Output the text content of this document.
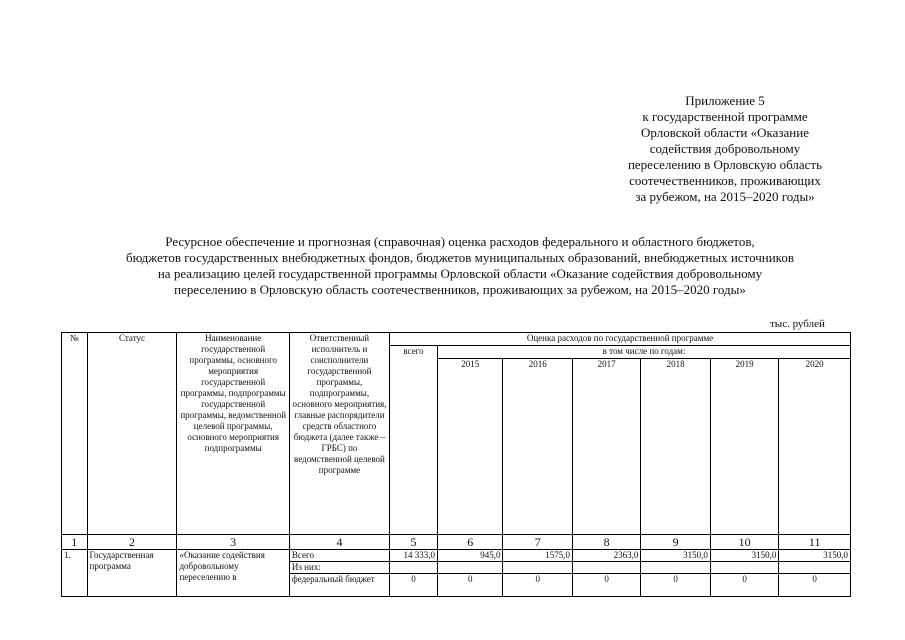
Приложение 5
к государственной программе
Орловской области «Оказание
содействия добровольному
переселению в Орловскую область
соотечественников, проживающих
за рубежом, на 2015–2020 годы»
Ресурсное обеспечение и прогнозная (справочная) оценка расходов федерального и областного бюджетов,
бюджетов государственных внебюджетных фондов, бюджетов муниципальных образований, внебюджетных источников
на реализацию целей государственной программы Орловской области «Оказание содействия добровольному
переселению в Орловскую область соотечественников, проживающих за рубежом, на 2015–2020 годы»
тыс. рублей
№	Статус	Наименование государственной программы, основного мероприятия государственной программы, подпрограммы государственной программы, ведомственной целевой программы, основного мероприятия подпрограммы	Ответственный исполнитель и соисполнители государственной программы, подпрограммы, основного мероприятия, главные распорядители средств областного бюджета (далее также – ГРБС) по ведомственной целевой программе	Оценка расходов по государственной программе						
				всего	в том числе по годам:					
					2015	2016	2017	2018	2019	2020
1	2	3	4	5	6	7	8	9	10	11
1.	Государственная программа	«Оказание содействия добровольному переселению в	Всего	14 333,0	945,0	1575,0	2363,0	3150,0	3150,0	3150,0
			Из них:							
			федеральный бюджет	0	0	0	0	0	0	0
